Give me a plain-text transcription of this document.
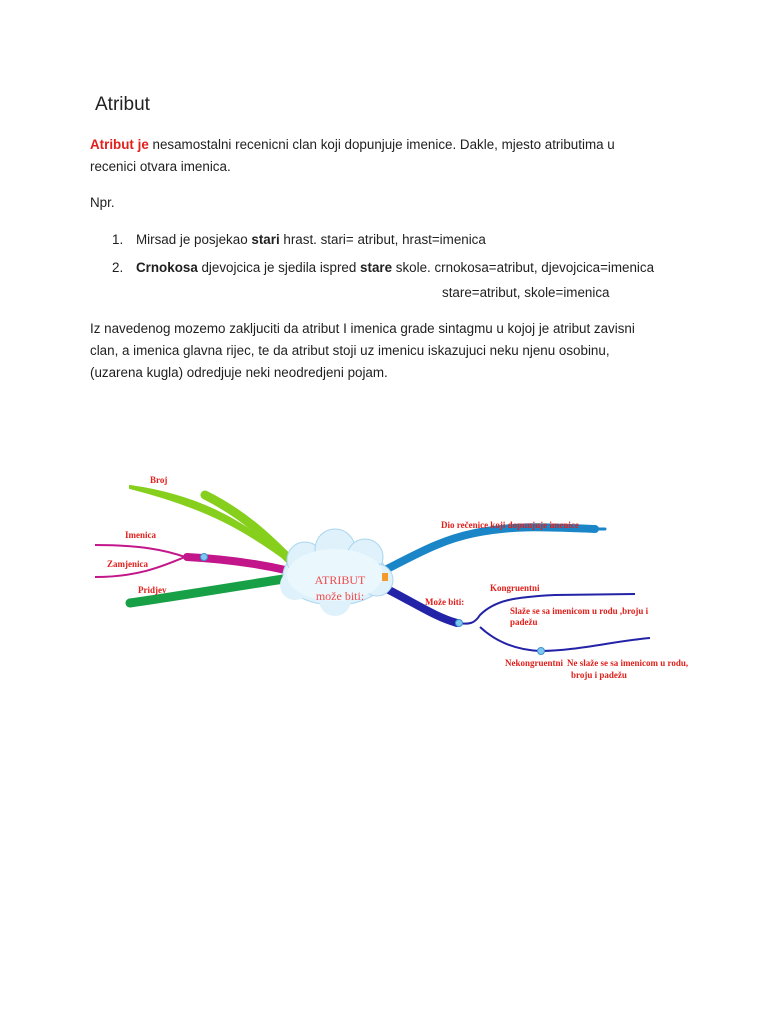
Atribut

Atribut je nesamostalni recenicni clan koji dopunjuje imenice. Dakle, mjesto atributima u
recenici otvara imenica.

Npr.

1. Mirsad je posjekao stari hrast. stari= atribut, hrast=imenica
2. Crnokosa djevojcica je sjedila ispred stare skole. crnokosa=atribut, djevojcica=imenica

stare=atribut, skole=imenica

Iz navedenog mozemo zakljuciti da atribut I imenica grade sintagmu u kojoj je atribut zavisni
clan, a imenica glavna rijec, te da atribut stoji uz imenicu iskazujuci neku njenu osobinu,
(uzarena kugla) odredjuje neki neodredjeni pojam.

ATRIBUT
može biti:
Broj
Imenica
Zamjenica
Pridjev
Dio rečenice koji dopunjuje imenice
Može biti:
Kongruentni
Slaže se sa imenicom u rodu ,broju i
padežu
Nekongruentni Ne slaže se sa imenicom u rodu,
broju i padežu
